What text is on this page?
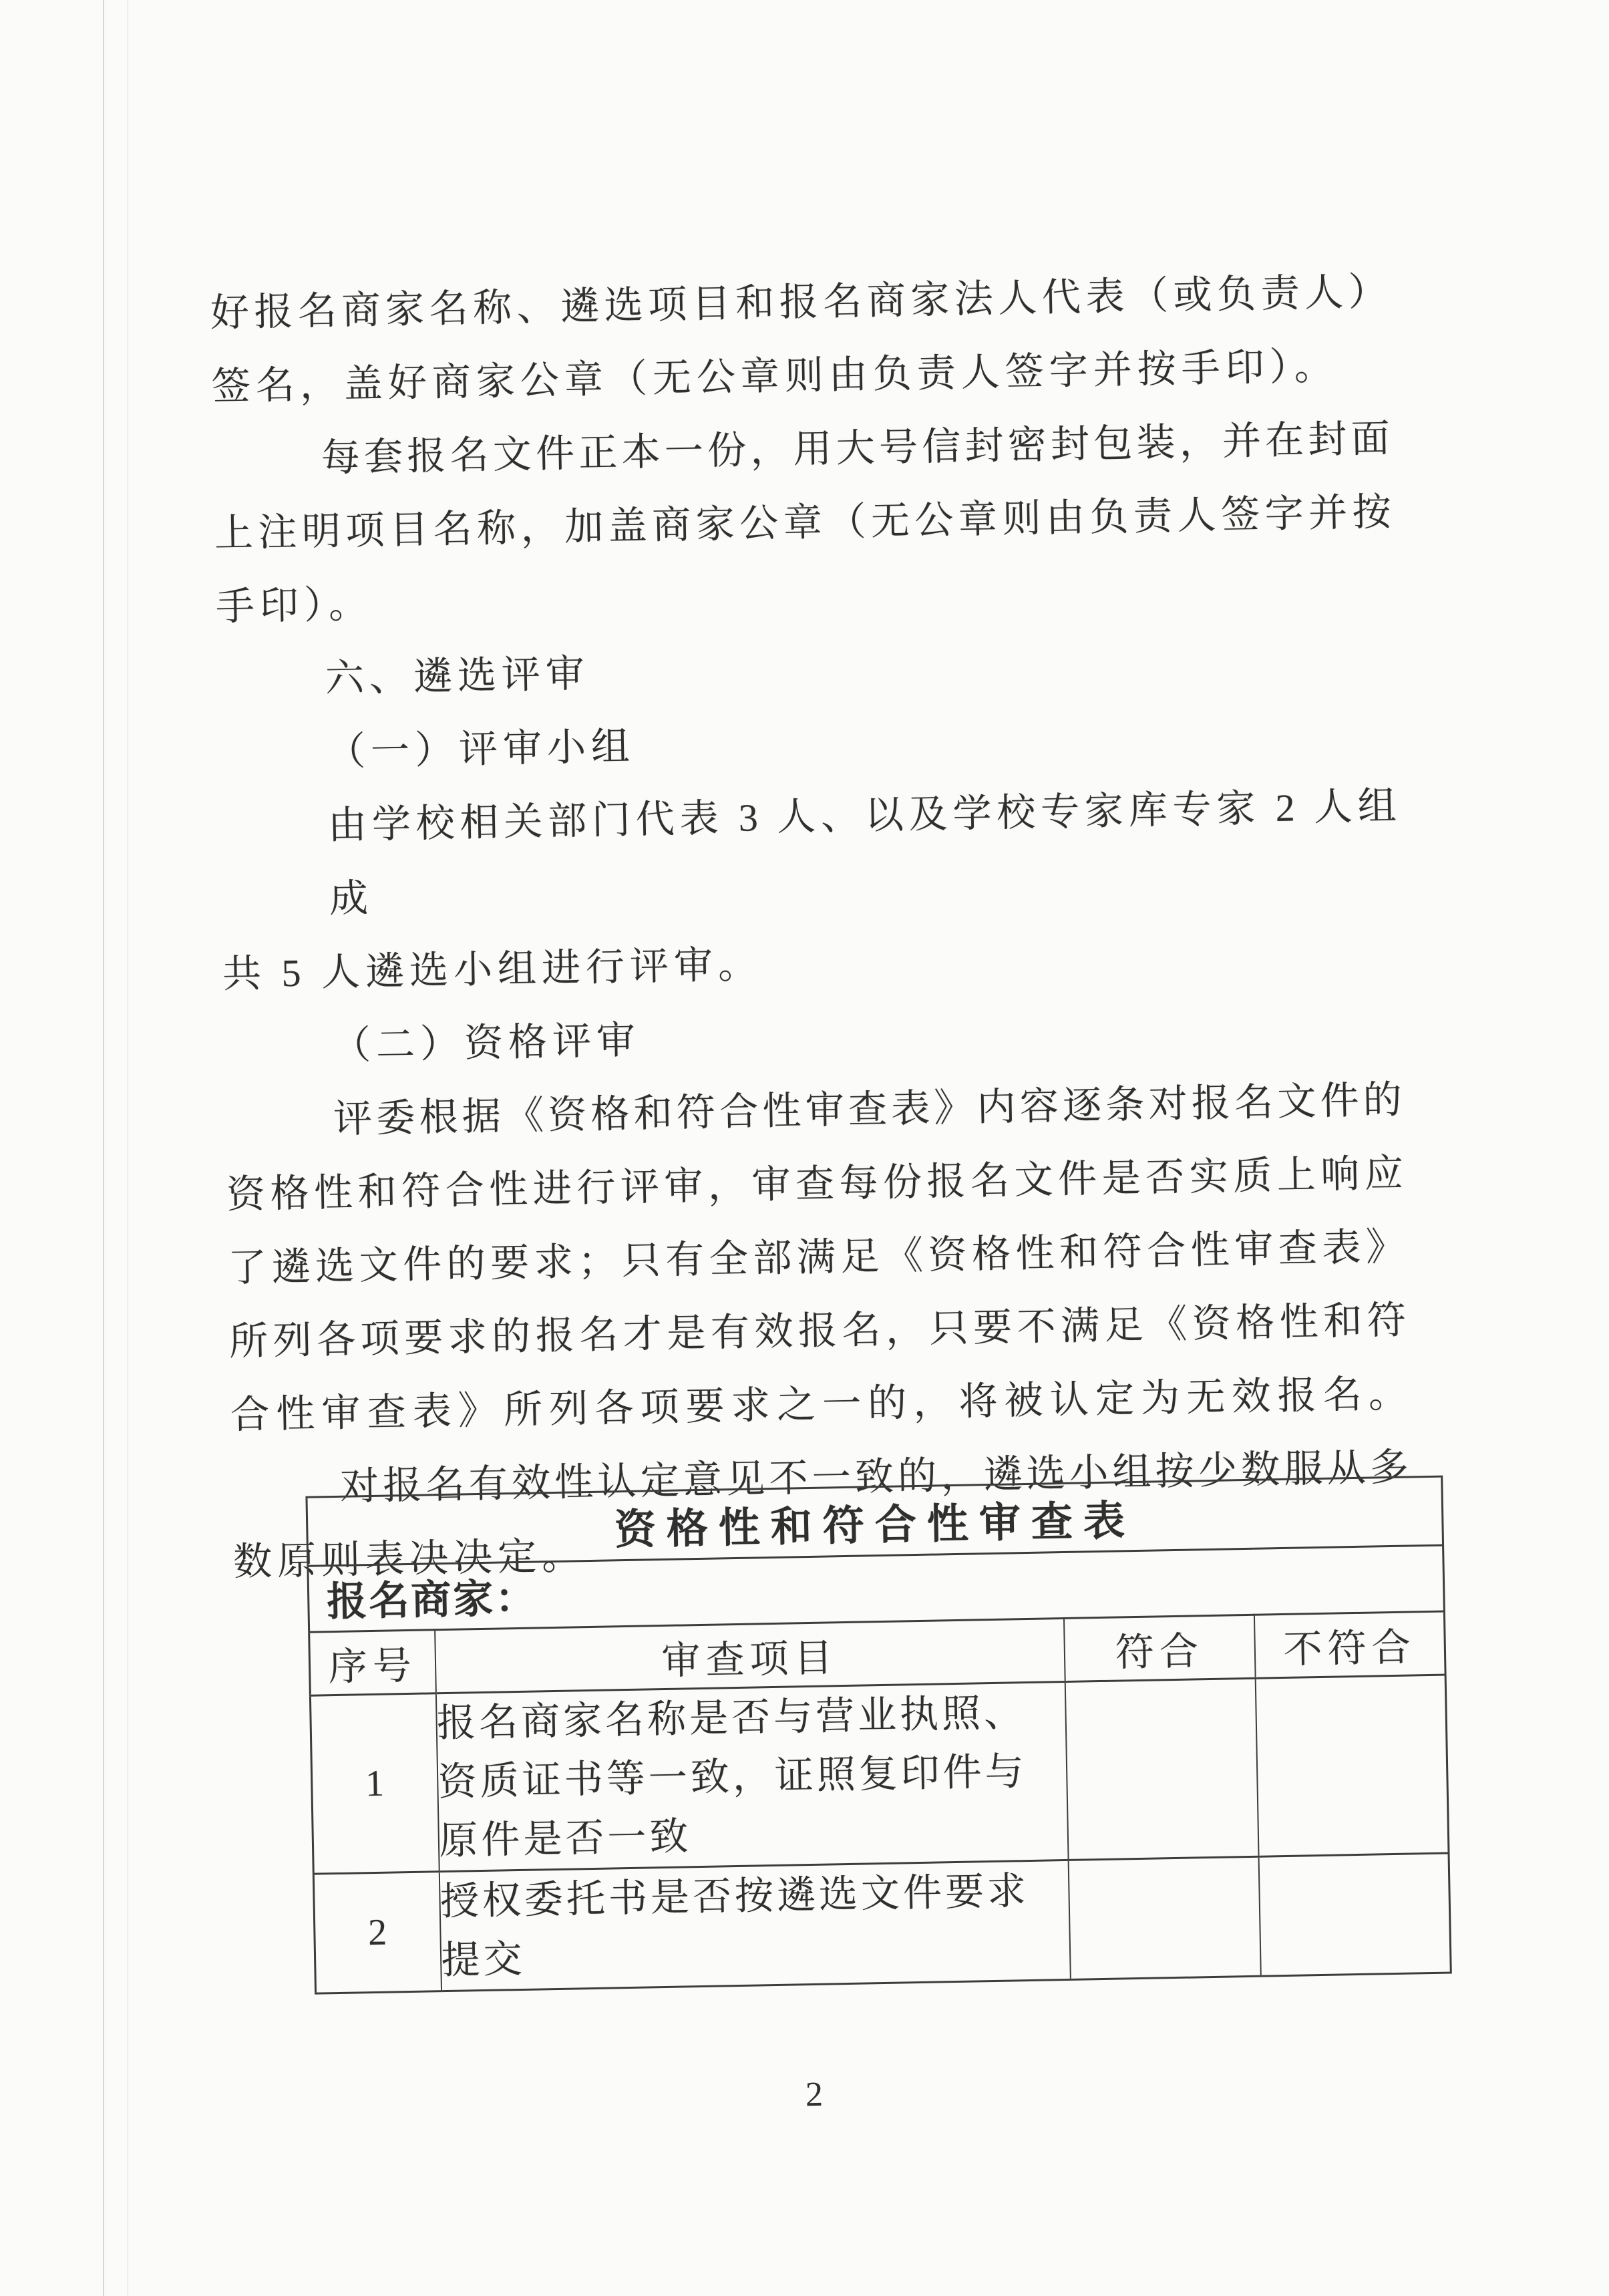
好报名商家名称、遴选项目和报名商家法人代表（或负责人）
签名，盖好商家公章（无公章则由负责人签字并按手印）。
每套报名文件正本一份，用大号信封密封包装，并在封面
上注明项目名称，加盖商家公章（无公章则由负责人签字并按
手印）。
六、遴选评审
（一）评审小组
由学校相关部门代表 3 人、以及学校专家库专家 2 人组成
共 5 人遴选小组进行评审。
（二）资格评审
评委根据《资格和符合性审查表》内容逐条对报名文件的
资格性和符合性进行评审，审查每份报名文件是否实质上响应
了遴选文件的要求；只有全部满足《资格性和符合性审查表》
所列各项要求的报名才是有效报名，只要不满足《资格性和符
合性审查表》所列各项要求之一的，将被认定为无效报名。
对报名有效性认定意见不一致的，遴选小组按少数服从多
数原则表决决定。
资格性和符合性审查表			
报名商家：			
序号	审查项目	符合	不符合
1	报名商家名称是否与营业执照、
资质证书等一致，证照复印件与
原件是否一致		

2	授权委托书是否按遴选文件要求
提交		

2
